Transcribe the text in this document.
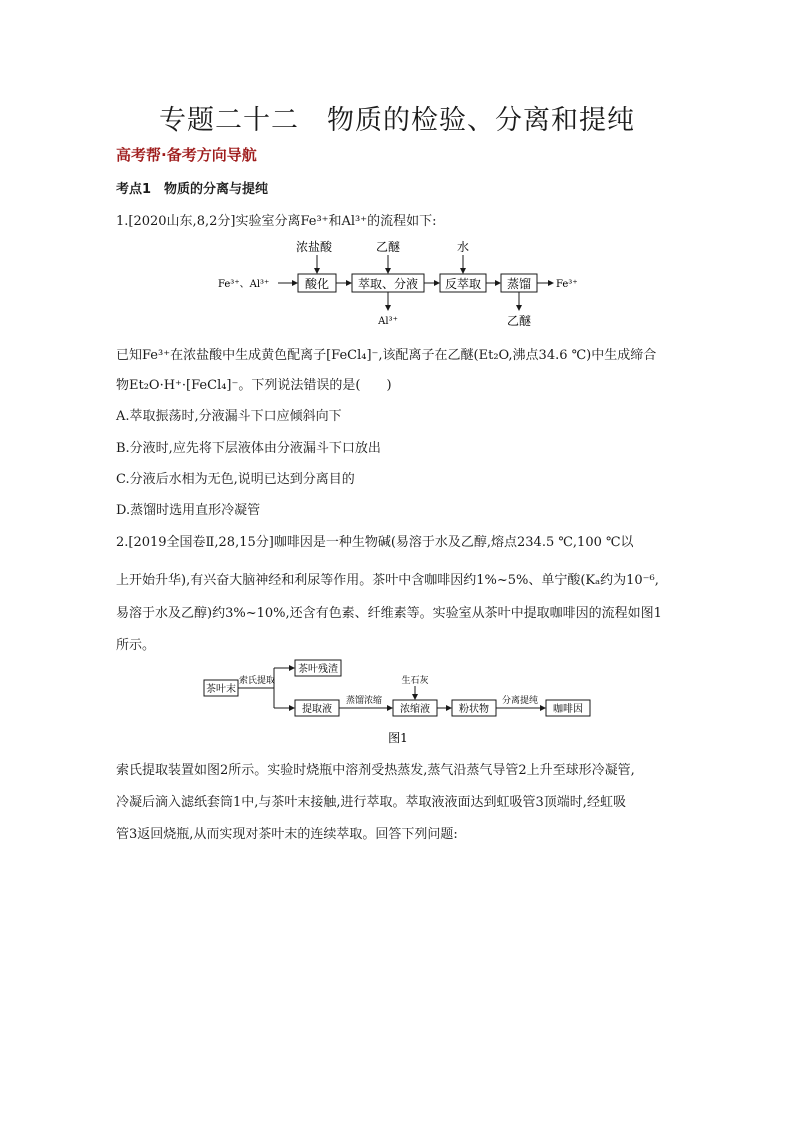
专题二十二　物质的检验、分离和提纯
高考帮·备考方向导航
考点1　物质的分离与提纯
1.[2020山东,8,2分]实验室分离Fe³⁺和Al³⁺的流程如下:
Fe³⁺、Al³⁺
浓盐酸
酸化
乙醚
萃取、分液
Al³⁺
水
反萃取 蒸馏
乙醚
Fe³⁺
已知Fe³⁺在浓盐酸中生成黄色配离子[FeCl₄]⁻,该配离子在乙醚(Et₂O,沸点34.6 ℃)中生成缔合
物Et₂O·H⁺·[FeCl₄]⁻。下列说法错误的是(　　)
A.萃取振荡时,分液漏斗下口应倾斜向下
B.分液时,应先将下层液体由分液漏斗下口放出
C.分液后水相为无色,说明已达到分离目的
D.蒸馏时选用直形冷凝管
2.[2019全国卷Ⅱ,28,15分]咖啡因是一种生物碱(易溶于水及乙醇,熔点234.5 ℃,100 ℃以
上开始升华),有兴奋大脑神经和利尿等作用。茶叶中含咖啡因约1%~5%、单宁酸(Kₐ约为10⁻⁶,
易溶于水及乙醇)约3%~10%,还含有色素、纤维素等。实验室从茶叶中提取咖啡因的流程如图1
所示。
茶叶末
索氏提取
茶叶残渣
提取液
蒸馏浓缩
生石灰
浓缩液	粉状物
分离提纯
咖啡因
图1
索氏提取装置如图2所示。实验时烧瓶中溶剂受热蒸发,蒸气沿蒸气导管2上升至球形冷凝管,
冷凝后滴入滤纸套筒1中,与茶叶末接触,进行萃取。萃取液液面达到虹吸管3顶端时,经虹吸
管3返回烧瓶,从而实现对茶叶末的连续萃取。回答下列问题:
